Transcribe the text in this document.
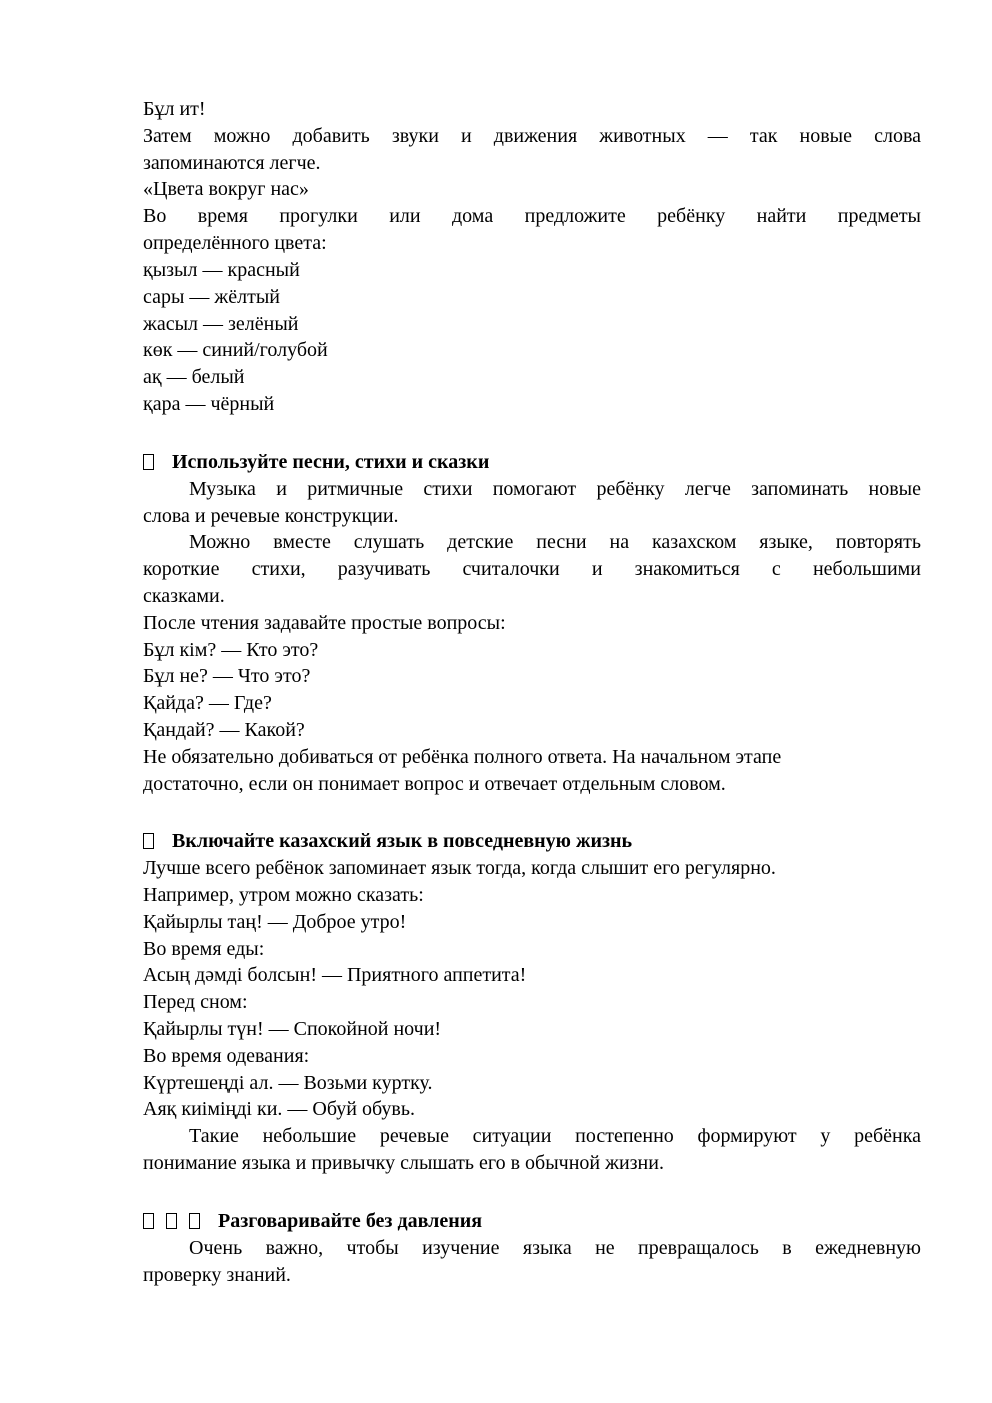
Бұл ит!
Затем можно добавить звуки и движения животных — так новые слова
запоминаются легче.
«Цвета вокруг нас»
Во время прогулки или дома предложите ребёнку найти предметы
определённого цвета:
қызыл — красный
сары — жёлтый
жасыл — зелёный
көк — синий/голубой
ақ — белый
қара — чёрный
Используйте песни, стихи и сказки
Музыка и ритмичные стихи помогают ребёнку легче запоминать новые
слова и речевые конструкции.
Можно вместе слушать детские песни на казахском языке, повторять
короткие стихи, разучивать считалочки и знакомиться с небольшими
сказками.
После чтения задавайте простые вопросы:
Бұл кім? — Кто это?
Бұл не? — Что это?
Қайда? — Где?
Қандай? — Какой?
Не обязательно добиваться от ребёнка полного ответа. На начальном этапе
достаточно, если он понимает вопрос и отвечает отдельным словом.
Включайте казахский язык в повседневную жизнь
Лучше всего ребёнок запоминает язык тогда, когда слышит его регулярно.
Например, утром можно сказать:
Қайырлы таң! — Доброе утро!
Во время еды:
Асың дәмді болсын! — Приятного аппетита!
Перед сном:
Қайырлы түн! — Спокойной ночи!
Во время одевания:
Күртешеңді ал. — Возьми куртку.
Аяқ киіміңді ки. — Обуй обувь.
Такие небольшие речевые ситуации постепенно формируют у ребёнка
понимание языка и привычку слышать его в обычной жизни.
Разговаривайте без давления
Очень важно, чтобы изучение языка не превращалось в ежедневную
проверку знаний.
